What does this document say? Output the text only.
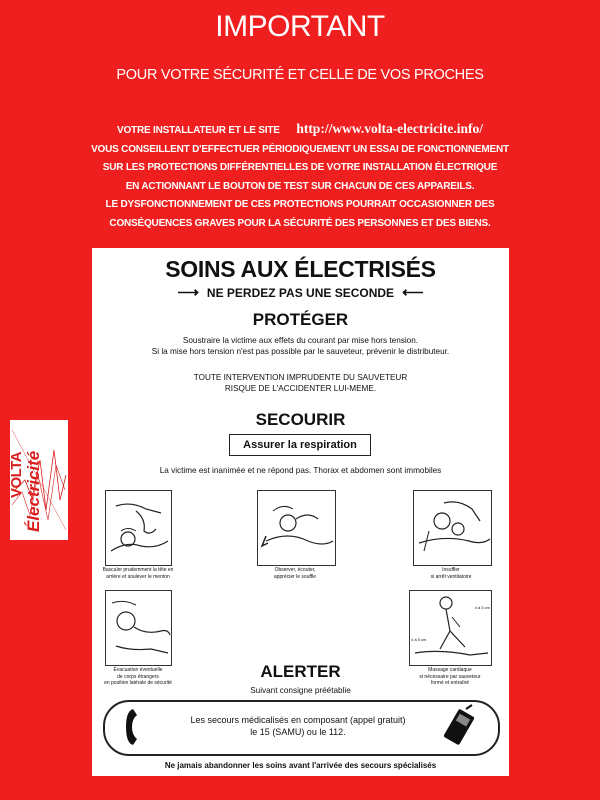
IMPORTANT
POUR VOTRE SÉCURITÉ ET CELLE DE VOS PROCHES
VOTRE INSTALLATEUR ET LE SITE http://www.volta-electricite.info/
VOUS CONSEILLENT D'EFFECTUER PÉRIODIQUEMENT UN ESSAI DE FONCTIONNEMENT
SUR LES PROTECTIONS DIFFÉRENTIELLES DE VOTRE INSTALLATION ÉLECTRIQUE
EN ACTIONNANT LE BOUTON DE TEST SUR CHACUN DE CES APPAREILS.
LE DYSFONCTIONNEMENT DE CES PROTECTIONS POURRAIT OCCASIONNER DES
CONSÉQUENCES GRAVES POUR LA SÉCURITÉ DES PERSONNES ET DES BIENS.
VOLTA Électricité
SOINS AUX ÉLECTRISÉS
⟶ NE PERDEZ PAS UNE SECONDE ⟵
PROTÉGER
Soustraire la victime aux effets du courant par mise hors tension.
Si la mise hors tension n'est pas possible par le sauveteur, prévenir le distributeur.
TOUTE INTERVENTION IMPRUDENTE DU SAUVETEUR
RISQUE DE L'ACCIDENTER LUI-MEME.
SECOURIR
Assurer la respiration
La victime est inanimée et ne répond pas. Thorax et abdomen sont immobiles
Basculer prudemment la tête en
arrière et soulever le menton
Observer, écouter,
apprécier le souffle
Insuffler
si arrêt ventilatoire
Évacuation éventuelle
de corps étrangers
en position latérale de sécurité
4 à 5 cm
4 à 5 cm
Massage cardiaque
si nécessaire par sauveteur
formé et entraîné
ALERTER
Suivant consigne préétablie
Les secours médicalisés en composant (appel gratuit)
le 15 (SAMU) ou le 112.
Ne jamais abandonner les soins avant l'arrivée des secours spécialisés
